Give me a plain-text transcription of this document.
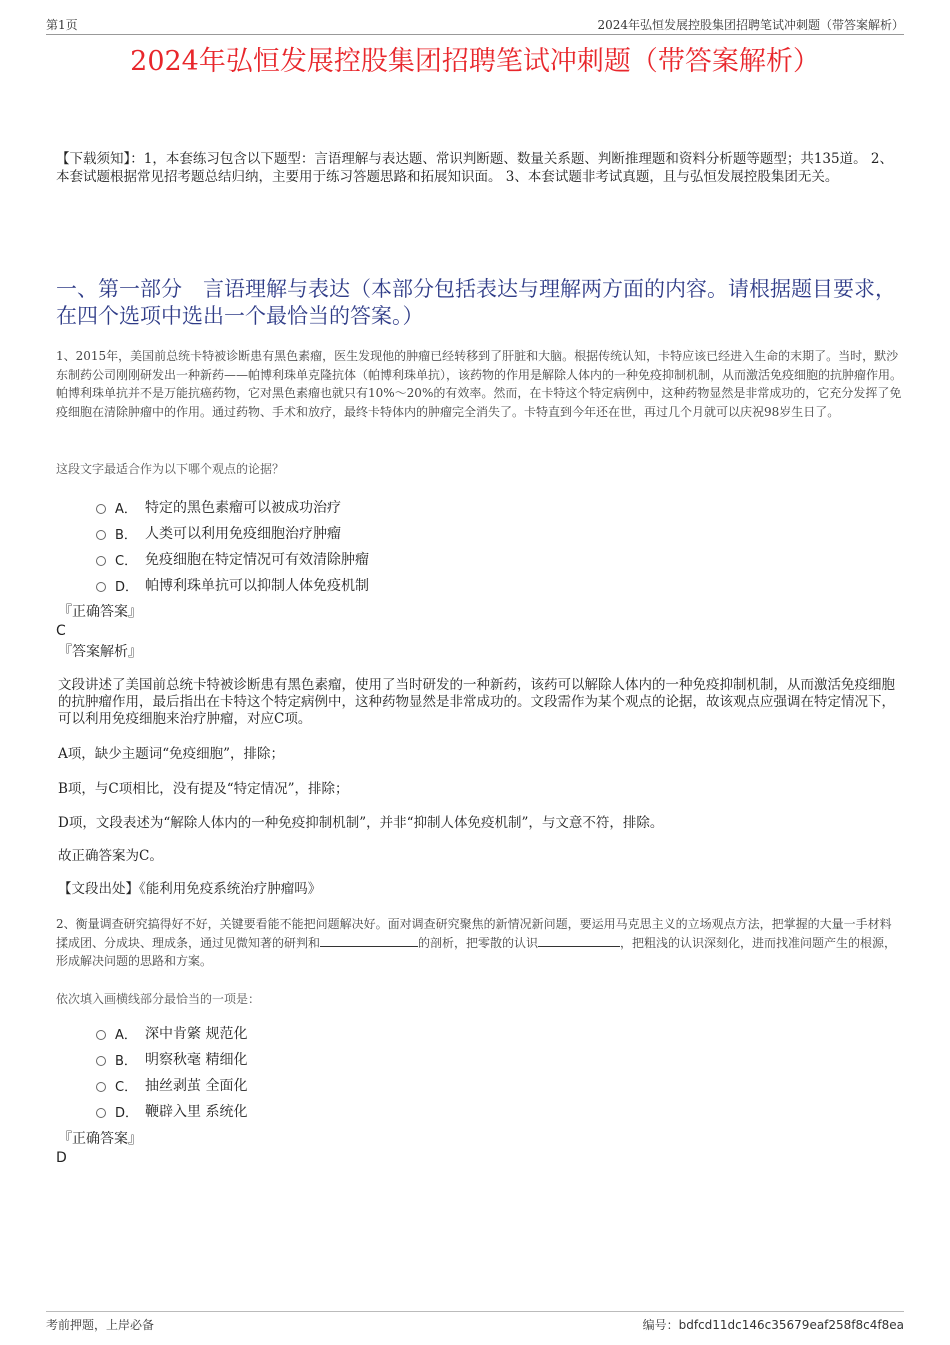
第1页	2024年弘恒发展控股集团招聘笔试冲刺题（带答案解析）
2024年弘恒发展控股集团招聘笔试冲刺题（带答案解析）
【下载须知】：1，本套练习包含以下题型：言语理解与表达题、常识判断题、数量关系题、判断推理题和资料分析题等题型；共135道。 2、本套试题根据常见招考题总结归纳，主要用于练习答题思路和拓展知识面。 3、本套试题非考试真题，且与弘恒发展控股集团无关。
一、第一部分　言语理解与表达（本部分包括表达与理解两方面的内容。请根据题目要求，在四个选项中选出一个最恰当的答案。）
1、2015年，美国前总统卡特被诊断患有黑色素瘤，医生发现他的肿瘤已经转移到了肝脏和大脑。根据传统认知，卡特应该已经进入生命的末期了。当时，默沙东制药公司刚刚研发出一种新药——帕博利珠单克隆抗体（帕博利珠单抗），该药物的作用是解除人体内的一种免疫抑制机制，从而激活免疫细胞的抗肿瘤作用。帕博利珠单抗并不是万能抗癌药物，它对黑色素瘤也就只有10%～20%的有效率。然而，在卡特这个特定病例中，这种药物显然是非常成功的，它充分发挥了免疫细胞在清除肿瘤中的作用。通过药物、手术和放疗，最终卡特体内的肿瘤完全消失了。卡特直到今年还在世，再过几个月就可以庆祝98岁生日了。
这段文字最适合作为以下哪个观点的论据？
A． 特定的黑色素瘤可以被成功治疗
B． 人类可以利用免疫细胞治疗肿瘤
C． 免疫细胞在特定情况可有效清除肿瘤
D． 帕博利珠单抗可以抑制人体免疫机制
『正确答案』
C
『答案解析』
文段讲述了美国前总统卡特被诊断患有黑色素瘤，使用了当时研发的一种新药，该药可以解除人体内的一种免疫抑制机制，从而激活免疫细胞的抗肿瘤作用，最后指出在卡特这个特定病例中，这种药物显然是非常成功的。文段需作为某个观点的论据，故该观点应强调在特定情况下，可以利用免疫细胞来治疗肿瘤，对应C项。
A项，缺少主题词“免疫细胞”，排除；
B项，与C项相比，没有提及“特定情况”，排除；
D项，文段表述为“解除人体内的一种免疫抑制机制”，并非“抑制人体免疫机制”，与文意不符，排除。
故正确答案为C。
【文段出处】《能利用免疫系统治疗肿瘤吗》
2、衡量调查研究搞得好不好，关键要看能不能把问题解决好。面对调查研究聚焦的新情况新问题，要运用马克思主义的立场观点方法，把掌握的大量一手材料揉成团、分成块、理成条，通过见微知著的研判和	的剖析，把零散的认识	，把粗浅的认识深刻化，进而找准问题产生的根源，形成解决问题的思路和方案。
依次填入画横线部分最恰当的一项是：
A． 深中肯綮 规范化
B． 明察秋毫 精细化
C． 抽丝剥茧 全面化
D． 鞭辟入里 系统化
『正确答案』
D
考前押题，上岸必备	编号：bdfcd11dc146c35679eaf258f8c4f8ea
